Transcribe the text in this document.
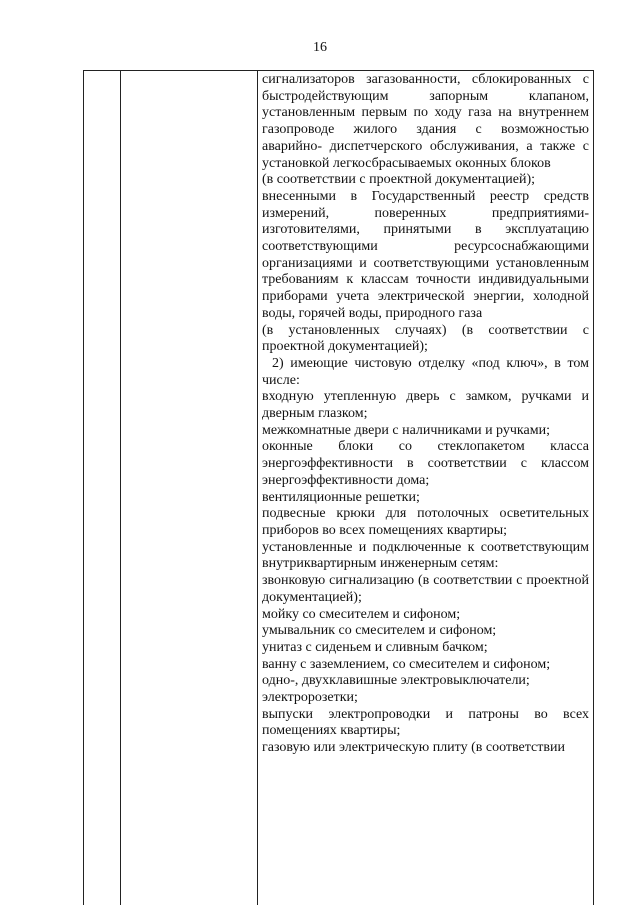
16

сигнализаторов загазованности, сблокированных с быстродействующим запорным клапаном, установленным первым по ходу газа на внутреннем газопроводе жилого здания с возможностью аварийно- диспетчерского обслуживания, а также с установкой легкосбрасываемых оконных блоков

(в соответствии с проектной документацией);

внесенными в Государственный реестр средств измерений, поверенных предприятиями-изготовителями, принятыми в эксплуатацию соответствующими ресурсоснабжающими организациями и соответствующими установленным требованиям к классам точности индивидуальными приборами учета электрической энергии, холодной воды, горячей воды, природного газа

(в установленных случаях) (в соответствии с проектной документацией);

2) имеющие чистовую отделку «под ключ», в том числе:

входную утепленную дверь с замком, ручками и дверным глазком;

межкомнатные двери с наличниками и ручками;

оконные блоки со стеклопакетом класса энергоэффективности в соответствии с классом энергоэффективности дома;

вентиляционные решетки;

подвесные крюки для потолочных осветительных приборов во всех помещениях квартиры;

установленные и подключенные к соответствующим внутриквартирным инженерным сетям:

звонковую сигнализацию (в соответствии с проектной документацией);

мойку со смесителем и сифоном;

умывальник со смесителем и сифоном;

унитаз с сиденьем и сливным бачком;

ванну с заземлением, со смесителем и сифоном;

одно-, двухклавишные электровыключатели;

электророзетки;

выпуски электропроводки и патроны во всех помещениях квартиры;

газовую или электрическую плиту (в соответствии
